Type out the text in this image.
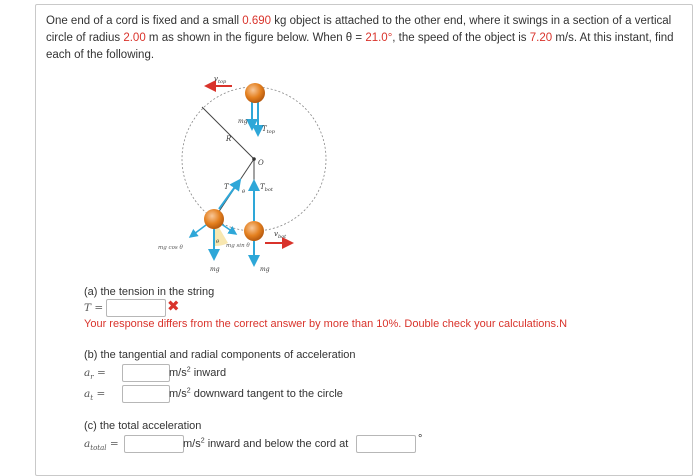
One end of a cord is fixed and a small 0.690 kg object is attached to the other end, where it swings in a section of a vertical circle of radius 2.00 m as shown in the figure below. When θ = 21.0°, the speed of the object is 7.20 m/s. At this instant, find each of the following.
$v_{top}$
mg
$T_{top}$
R
O
T
θ
$T_{bot}$
mg cos θ
θ
mg sin θ
mg	mg
$v_{bot}$
(a) the tension in the string
T =	✖
Your response differs from the correct answer by more than 10%. Double check your calculations.N
(b) the tangential and radial components of acceleration
$a_r$ =	$m/s^2$ inward
$a_t$ =	$m/s^2$ downward tangent to the circle
(c) the total acceleration
$a_{total}$ =	$m/s^2$ inward and below the cord at	°
